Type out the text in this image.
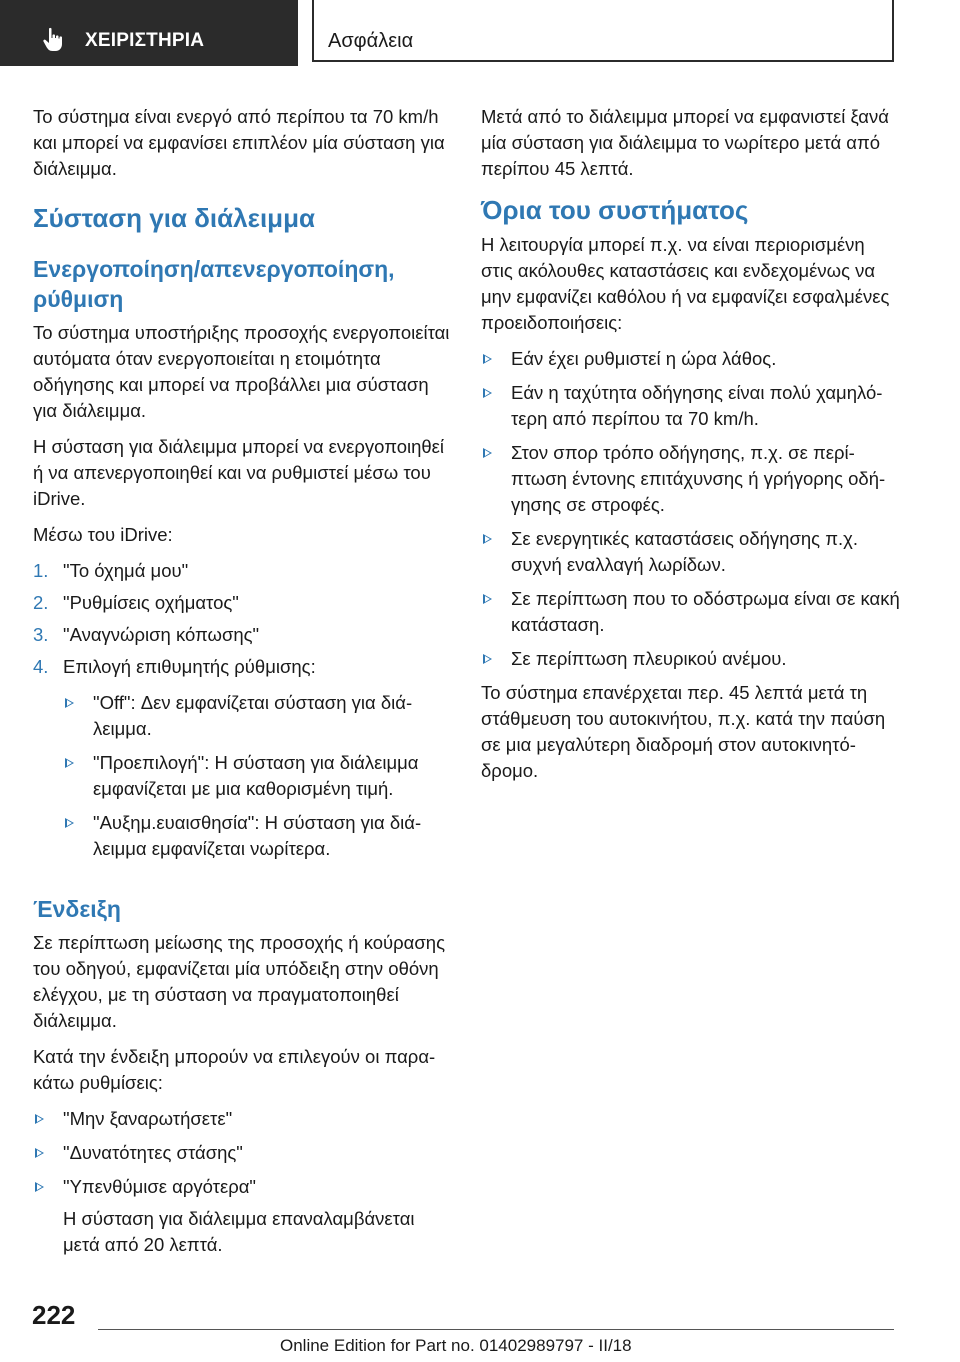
ΧΕΙΡΙΣΤΗΡΙΑ	Ασφάλεια

Το σύστημα είναι ενεργό από περίπου τα 70 km/h και μπορεί να εμφανίσει επιπλέον μία σύσταση για διάλειμμα.

Σύσταση για διάλειμμα
Ενεργοποίηση/απενεργοποίηση, ρύθμιση

Το σύστημα υποστήριξης προσοχής ενεργοποιείται αυτόματα όταν ενεργοποιείται η ετοιμότητα οδήγησης και μπορεί να προβάλλει μια σύσταση για διάλειμμα.

Η σύσταση για διάλειμμα μπορεί να ενεργοποιηθεί ή να απενεργοποιηθεί και να ρυθμιστεί μέσω του iDrive.

Μέσω του iDrive:

1. "Το όχημά μου"
2. "Ρυθμίσεις οχήματος"
3. "Αναγνώριση κόπωσης"
4. Επιλογή επιθυμητής ρύθμισης:
"Off": Δεν εμφανίζεται σύσταση για διάλειμμα.
"Προεπιλογή": Η σύσταση για διάλειμμα εμφανίζεται με μια καθορισμένη τιμή.
"Αυξημ.ευαισθησία": Η σύσταση για διάλειμμα εμφανίζεται νωρίτερα.
Ένδειξη

Σε περίπτωση μείωσης της προσοχής ή κούρασης του οδηγού, εμφανίζεται μία υπόδειξη στην οθόνη ελέγχου, με τη σύσταση να πραγματοποιηθεί διάλειμμα.

Κατά την ένδειξη μπορούν να επιλεγούν οι παρακάτω ρυθμίσεις:

"Μην ξαναρωτήσετε"
"Δυνατότητες στάσης"
"Υπενθύμισε αργότερα"

Η σύσταση για διάλειμμα επαναλαμβάνεται μετά από 20 λεπτά.

Μετά από το διάλειμμα μπορεί να εμφανιστεί ξανά μία σύσταση για διάλειμμα το νωρίτερο μετά από περίπου 45 λεπτά.

Όρια του συστήματος

Η λειτουργία μπορεί π.χ. να είναι περιορισμένη στις ακόλουθες καταστάσεις και ενδεχομένως να μην εμφανίζει καθόλου ή να εμφανίζει εσφαλμένες προειδοποιήσεις:

Εάν έχει ρυθμιστεί η ώρα λάθος.
Εάν η ταχύτητα οδήγησης είναι πολύ χαμηλότερη από περίπου τα 70 km/h.
Στον σπορ τρόπο οδήγησης, π.χ. σε περίπτωση έντονης επιτάχυνσης ή γρήγορης οδήγησης σε στροφές.
Σε ενεργητικές καταστάσεις οδήγησης π.χ. συχνή εναλλαγή λωρίδων.
Σε περίπτωση που το οδόστρωμα είναι σε κακή κατάσταση.
Σε περίπτωση πλευρικού ανέμου.

Το σύστημα επανέρχεται περ. 45 λεπτά μετά τη στάθμευση του αυτοκινήτου, π.χ. κατά την παύση σε μια μεγαλύτερη διαδρομή στον αυτοκινητόδρομο.

222
Online Edition for Part no. 01402989797 - II/18
